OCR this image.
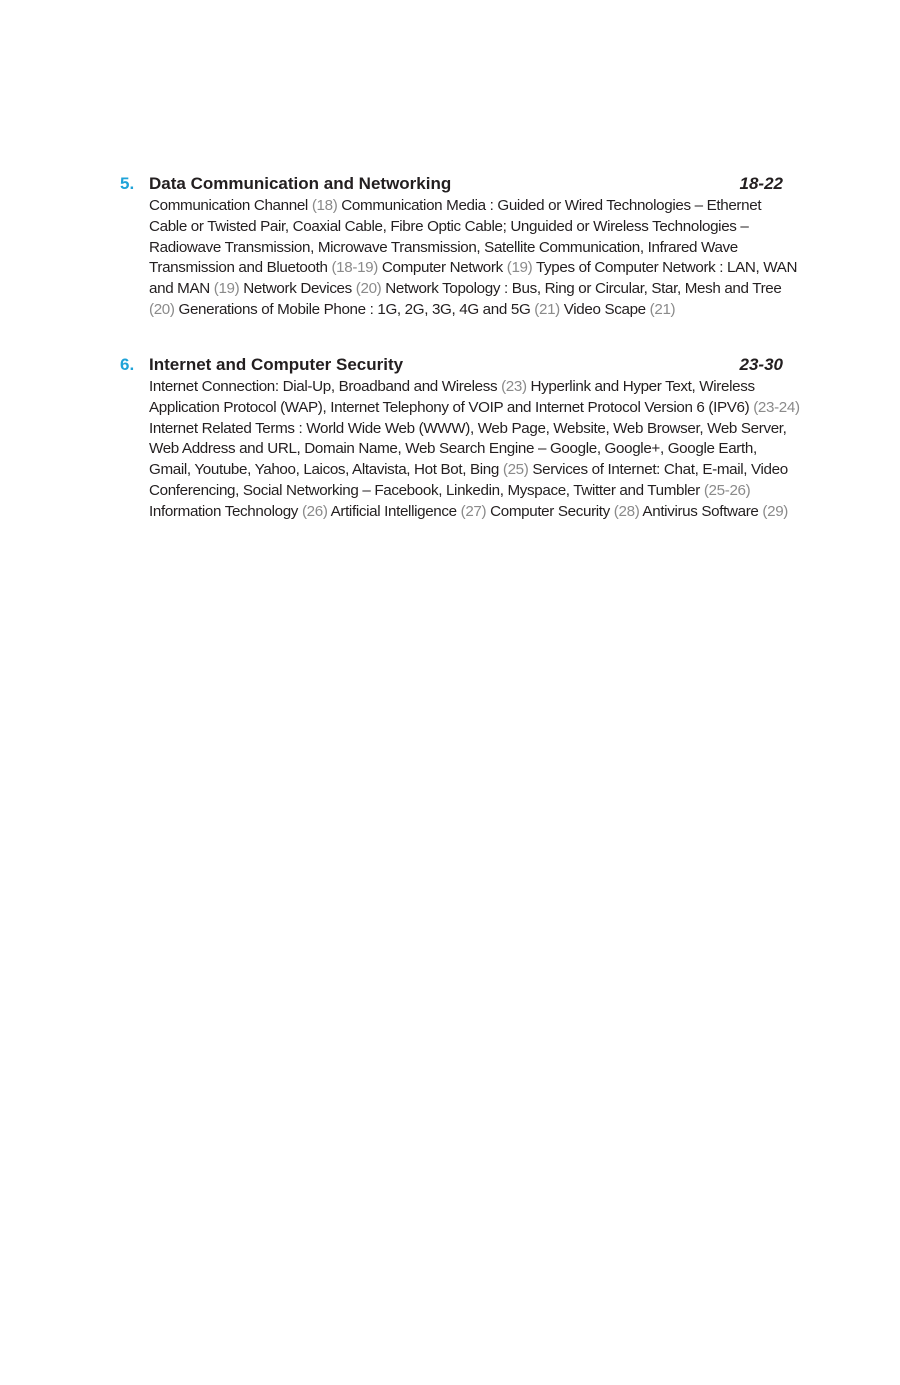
5. Data Communication and Networking	18-22
Communication Channel (18) Communication Media : Guided or Wired Technologies – Ethernet Cable or Twisted Pair, Coaxial Cable, Fibre Optic Cable; Unguided or Wireless Technologies – Radiowave Transmission, Microwave Transmission, Satellite Communication, Infrared Wave Transmission and Bluetooth (18-19) Computer Network (19) Types of Computer Network : LAN, WAN and MAN (19) Network Devices (20) Network Topology : Bus, Ring or Circular, Star, Mesh and Tree (20) Generations of Mobile Phone : 1G, 2G, 3G, 4G and 5G (21) Video Scape (21)
6. Internet and Computer Security	23-30
Internet Connection: Dial-Up, Broadband and Wireless (23) Hyperlink and Hyper Text, Wireless Application Protocol (WAP), Internet Telephony of VOIP and Internet Protocol Version 6 (IPV6) (23-24) Internet Related Terms : World Wide Web (WWW), Web Page, Website, Web Browser, Web Server, Web Address and URL, Domain Name, Web Search Engine – Google, Google+, Google Earth, Gmail, Youtube, Yahoo, Laicos, Altavista, Hot Bot, Bing (25) Services of Internet: Chat, E-mail, Video Conferencing, Social Networking – Facebook, Linkedin, Myspace, Twitter and Tumbler (25-26) Information Technology (26) Artificial Intelligence (27) Computer Security (28) Antivirus Software (29)
